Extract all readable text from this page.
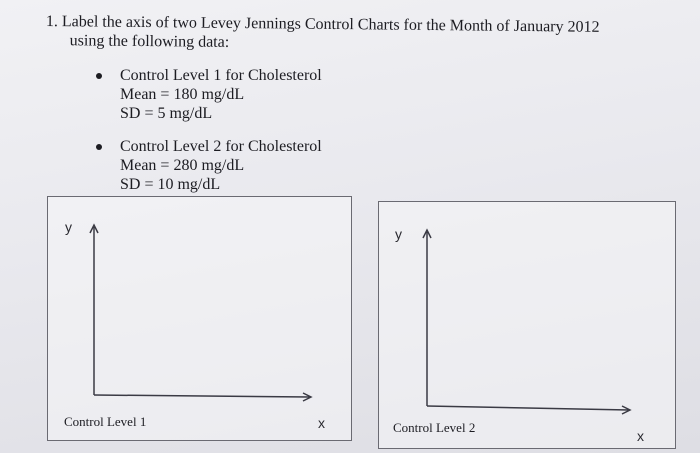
1. Label the axis of two Levey Jennings Control Charts for the Month of January 2012
using the following data:
Control Level 1 for Cholesterol
Mean = 180 mg/dL
SD = 5 mg/dL
Control Level 2 for Cholesterol
Mean = 280 mg/dL
SD = 10 mg/dL
y
x
Control Level 1
y
x
Control Level 2
